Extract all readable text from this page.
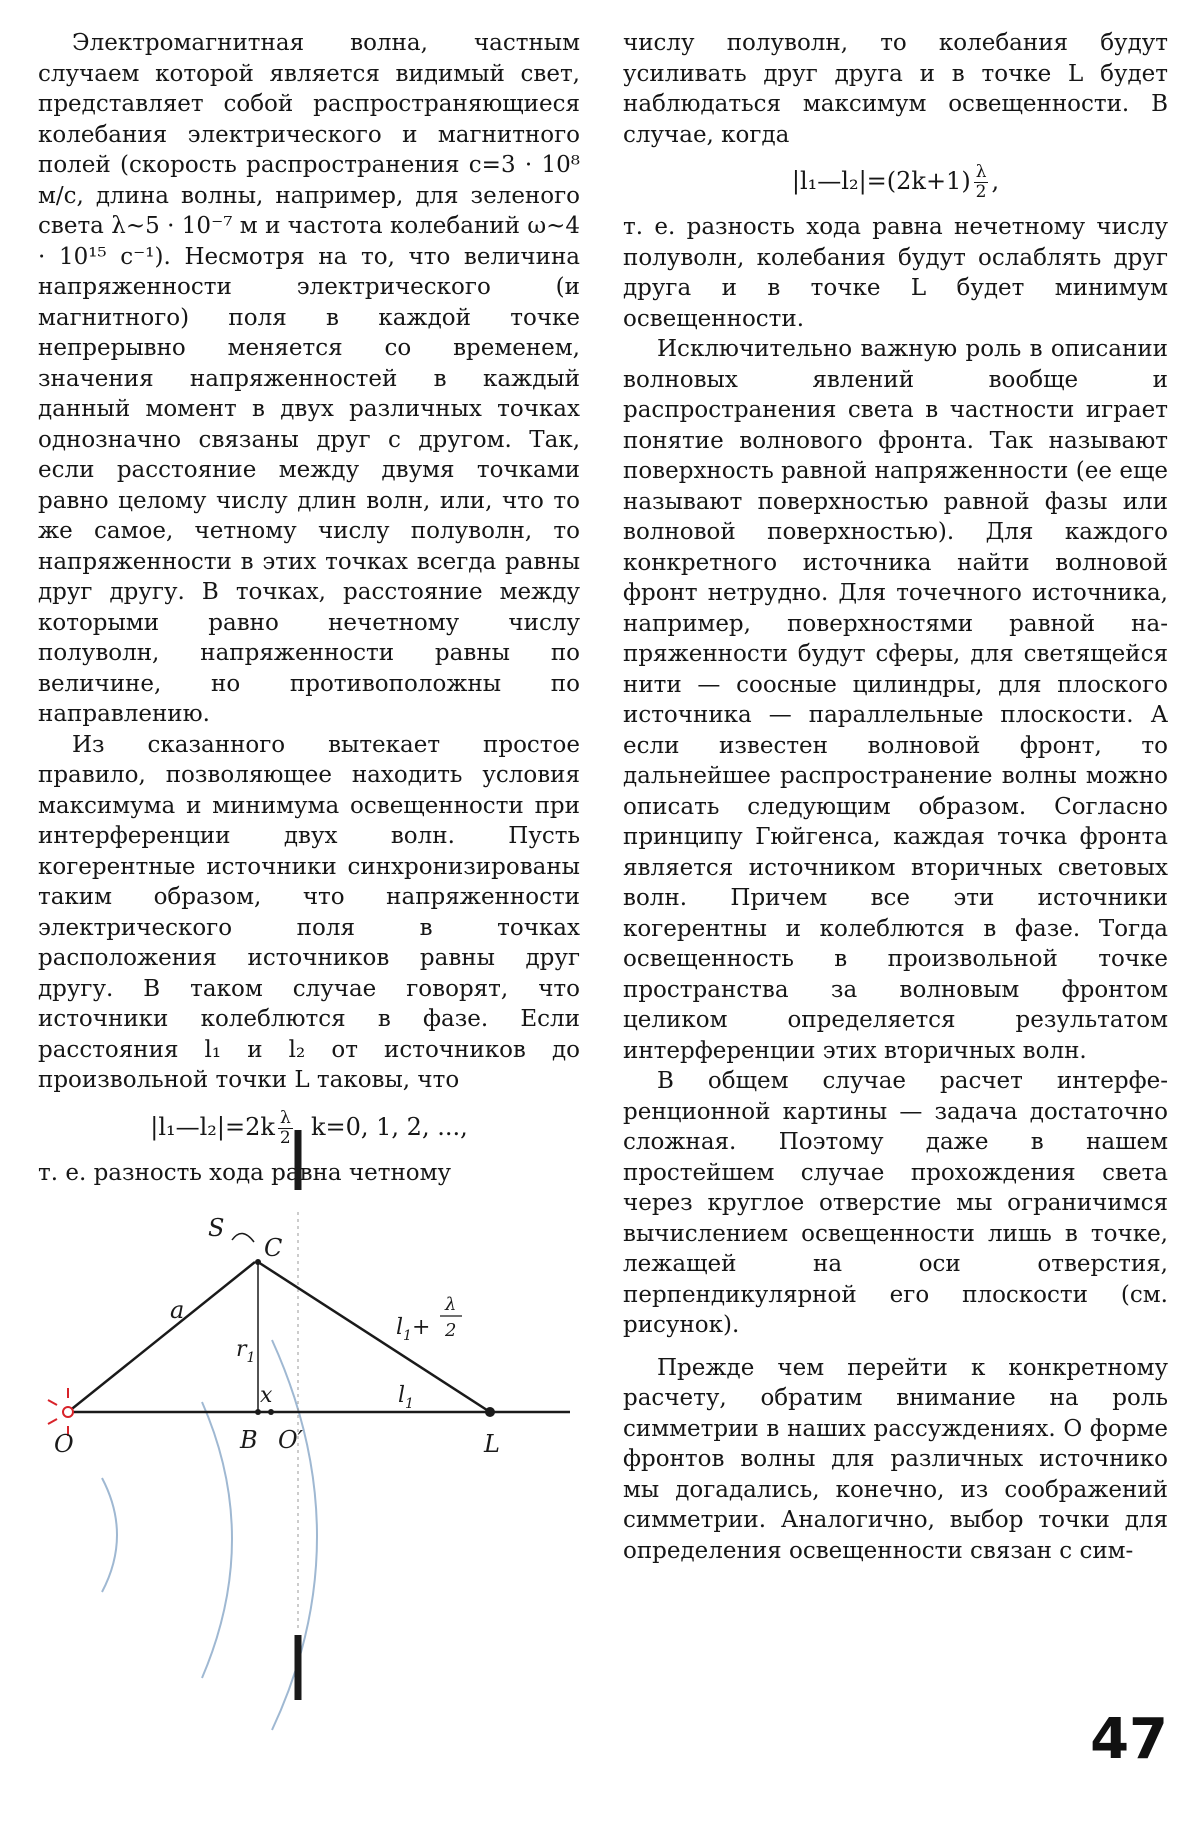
Электромагнитная волна, частным случаем которой является видимый свет, представляет собой распространяющиеся колебания электрического и магнитного полей (скорость распространения c=3 · 10⁸ м/с, длина волны, например, для зеленого света λ~5 · 10⁻⁷ м и частота колебаний ω~4 · 10¹⁵ с⁻¹). Несмотря на то, что величина напряженности электрического (и магнитного) поля в каждой точке непрерывно меняется со временем, значения напряженностей в каждый данный момент в двух различных точках однозначно связаны друг с другом. Так, если расстояние между двумя точками равно целому числу длин волн, или, что то же самое, четному числу полуволн, то напряженности в этих точках всегда равны друг другу. В точках, расстояние между которыми равно нечетному числу полуволн, напряженности равны по величине, но противоположны по направлению.

Из сказанного вытекает простое правило, позволяющее находить условия максимума и минимума освещенности при интерференции двух волн. Пусть когерентные источники синхронизированы таким образом, что напряженности электрического поля в точках расположения источников равны друг другу. В таком случае говорят, что источники колеблются в фазе. Если расстояния l₁ и l₂ от источников до произвольной точки L таковы, что

|l₁—l₂|=2k $\frac{\lambda}{2}$ , k=0, 1, 2, ...,

т. е. разность хода равна четному

числу полуволн, то колебания будут усиливать друг друга и в точке L будет наблюдаться максимум освещенности. В случае, когда

|l₁—l₂|=(2k+1) $\frac{\lambda}{2}$ ,

т. е. разность хода равна нечетному числу полуволн, колебания будут ослаблять друг друга и в точке L будет минимум освещенности.

Исключительно важную роль в описании волновых явлений вообще и распространения света в частности играет понятие волнового фронта. Так называют поверхность равной напряженности (ее еще называют поверхностью равной фазы или волновой поверхностью). Для каждого конкретного источника найти волновой фронт нетрудно. Для точечного источника, например, поверхностями равной напряженности будут сферы, для светящейся нити — соосные цилиндры, для плоского источника — параллельные плоскости. А если известен волновой фронт, то дальнейшее распространение волны можно описать следующим образом. Согласно принципу Гюйгенса, каждая точка фронта является источником вторичных световых волн. Причем все эти источники когерентны и колеблются в фазе. Тогда освещенность в произвольной точке пространства за волновым фронтом целиком определяется результатом интерференции этих вторичных волн.

В общем случае расчет интерференционной картины — задача достаточно сложная. Поэтому даже в нашем простейшем случае прохождения света через круглое отверстие мы ограничимся вычислением освещенности лишь в точке, лежащей на оси отверстия, перпендикулярной его плоскости (см. рисунок).

Прежде чем перейти к конкретному расчету, обратим внимание на роль симметрии в наших рассуждениях. О форме фронтов волны для различных источнико мы догадались, конечно, из соображений симметрии. Аналогично, выбор точки для определения освещенности связан с сим-

S
C
a
$r_1$
x	$l_1$
$l_1+$
λ
2
O	B O′	L
47
